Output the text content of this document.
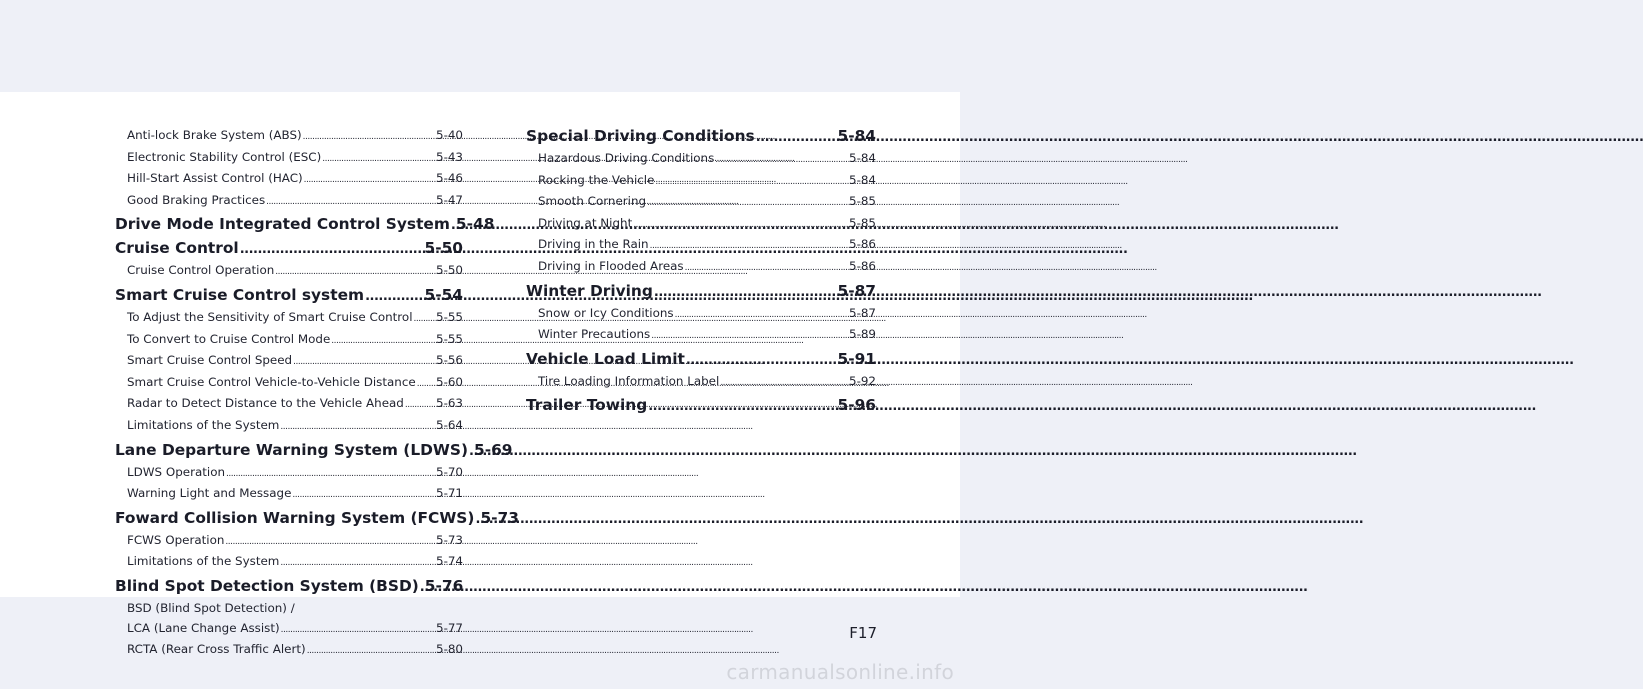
Anti-lock Brake System (ABS) .....	5-40
Electronic Stability Control (ESC) .....	5-43
Hill-Start Assist Control (HAC) .....	5-46
Good Braking Practices .....	5-47
Drive Mode Integrated Control System ..... 5-48
Cruise Control .....	5-50
Cruise Control Operation .....	5-50
Smart Cruise Control system .....	5-54
To Adjust the Sensitivity of Smart Cruise Control ..... 5-55
To Convert to Cruise Control Mode .....	5-55
Smart Cruise Control Speed .....	5-56
Smart Cruise Control Vehicle-to-Vehicle Distance ..... 5-60
Radar to Detect Distance to the Vehicle Ahead .....	5-63
Limitations of the System .....	5-64
Lane Departure Warning System (LDWS) ..... 5-69
LDWS Operation .....	5-70
Warning Light and Message .....	5-71
Foward Collision Warning System (FCWS) ..... 5-73
FCWS Operation .....	5-73
Limitations of the System .....	5-74
Blind Spot Detection System (BSD) ..... 5-76
BSD (Blind Spot Detection) /
LCA (Lane Change Assist) .....	5-77
RCTA (Rear Cross Traffic Alert) .....	5-80
Special Driving Conditions .....	5-84
Hazardous Driving Conditions .....	5-84
Rocking the Vehicle .....	5-84
Smooth Cornering .....	5-85
Driving at Night .....	5-85
Driving in the Rain .....	5-86
Driving in Flooded Areas .....	5-86
Winter Driving .....	5-87
Snow or Icy Conditions .....	5-87
Winter Precautions .....	5-89
Vehicle Load Limit .....	5-91
Tire Loading Information Label .....	5-92
Trailer Towing .....	5-96
F17
carmanualsonline.info
